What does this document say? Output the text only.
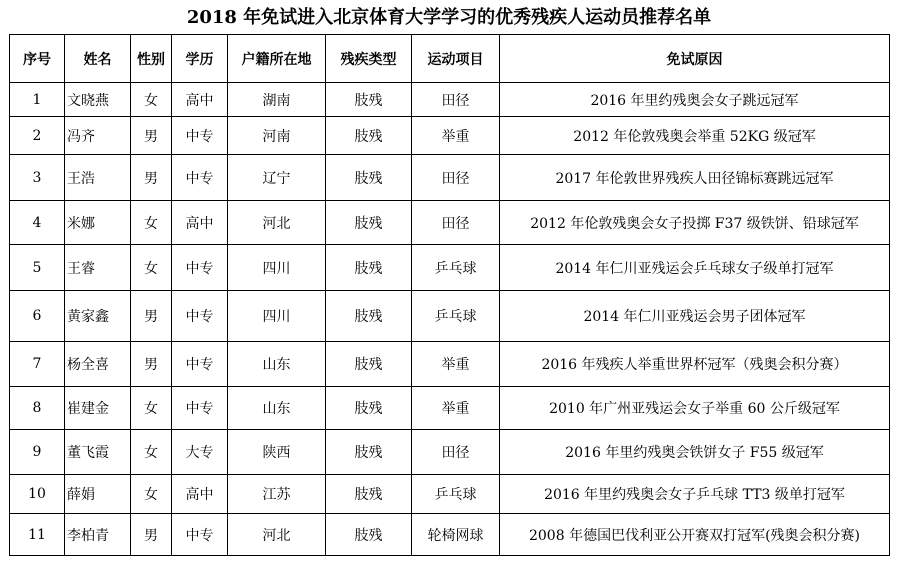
2018 年免试进入北京体育大学学习的优秀残疾人运动员推荐名单
序号	姓名	性别	学历	户籍所在地	残疾类型	运动项目	免试原因
1	文晓燕	女	高中	湖南	肢残	田径	2016 年里约残奥会女子跳远冠军
2	冯齐	男	中专	河南	肢残	举重	2012 年伦敦残奥会举重 52KG 级冠军
3	王浩	男	中专	辽宁	肢残	田径	2017 年伦敦世界残疾人田径锦标赛跳远冠军
4	米娜	女	高中	河北	肢残	田径	2012 年伦敦残奥会女子投掷 F37 级铁饼、铅球冠军
5	王睿	女	中专	四川	肢残	乒乓球	2014 年仁川亚残运会乒乓球女子级单打冠军
6	黄家鑫	男	中专	四川	肢残	乒乓球	2014 年仁川亚残运会男子团体冠军
7	杨全喜	男	中专	山东	肢残	举重	2016 年残疾人举重世界杯冠军（残奥会积分赛）
8	崔建金	女	中专	山东	肢残	举重	2010 年广州亚残运会女子举重 60 公斤级冠军
9	董飞霞	女	大专	陕西	肢残	田径	2016 年里约残奥会铁饼女子 F55 级冠军
10	薛娟	女	高中	江苏	肢残	乒乓球	2016 年里约残奥会女子乒乓球 TT3 级单打冠军
11	李柏青	男	中专	河北	肢残	轮椅网球	2008 年德国巴伐利亚公开赛双打冠军(残奥会积分赛)
